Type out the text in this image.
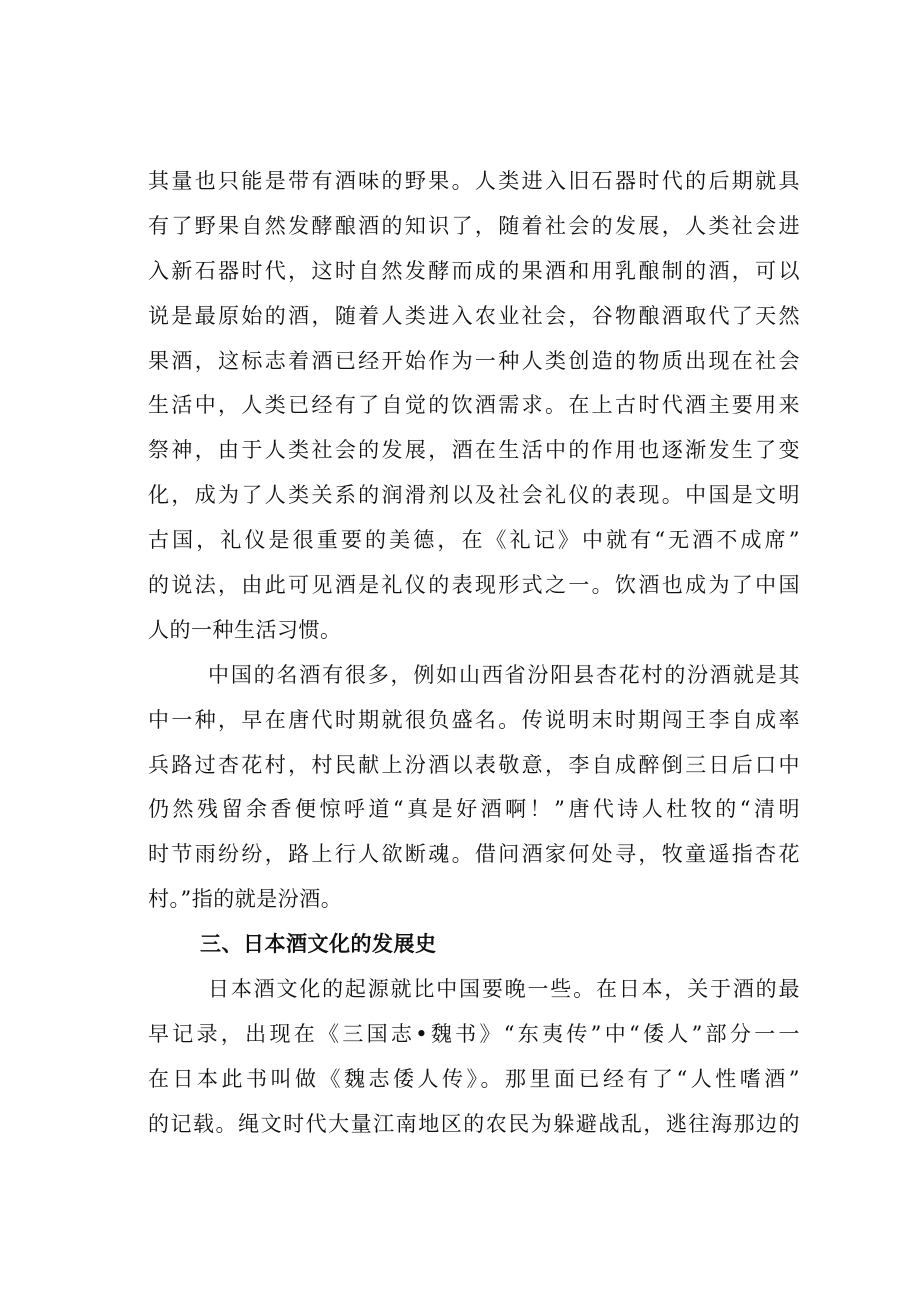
其量也只能是带有酒味的野果。人类进入旧石器时代的后期就具
有了野果自然发酵酿酒的知识了，随着社会的发展，人类社会进
入新石器时代，这时自然发酵而成的果酒和用乳酿制的酒，可以
说是最原始的酒，随着人类进入农业社会，谷物酿酒取代了天然
果酒，这标志着酒已经开始作为一种人类创造的物质出现在社会
生活中，人类已经有了自觉的饮酒需求。在上古时代酒主要用来
祭神，由于人类社会的发展，酒在生活中的作用也逐渐发生了变
化，成为了人类关系的润滑剂以及社会礼仪的表现。中国是文明
古国，礼仪是很重要的美德，在《礼记》中就有“无酒不成席”
的说法，由此可见酒是礼仪的表现形式之一。饮酒也成为了中国
人的一种生活习惯。
中国的名酒有很多，例如山西省汾阳县杏花村的汾酒就是其
中一种，早在唐代时期就很负盛名。传说明末时期闯王李自成率
兵路过杏花村，村民献上汾酒以表敬意，李自成醉倒三日后口中
仍然残留余香便惊呼道“真是好酒啊！”唐代诗人杜牧的“清明
时节雨纷纷，路上行人欲断魂。借问酒家何处寻，牧童遥指杏花
村。”指的就是汾酒。
三、日本酒文化的发展史
日本酒文化的起源就比中国要晚一些。在日本，关于酒的最
早记录，出现在《三国志•魏书》“东夷传”中“倭人”部分一一
在日本此书叫做《魏志倭人传》。那里面已经有了“人性嗜酒”
的记载。绳文时代大量江南地区的农民为躲避战乱，逃往海那边的
